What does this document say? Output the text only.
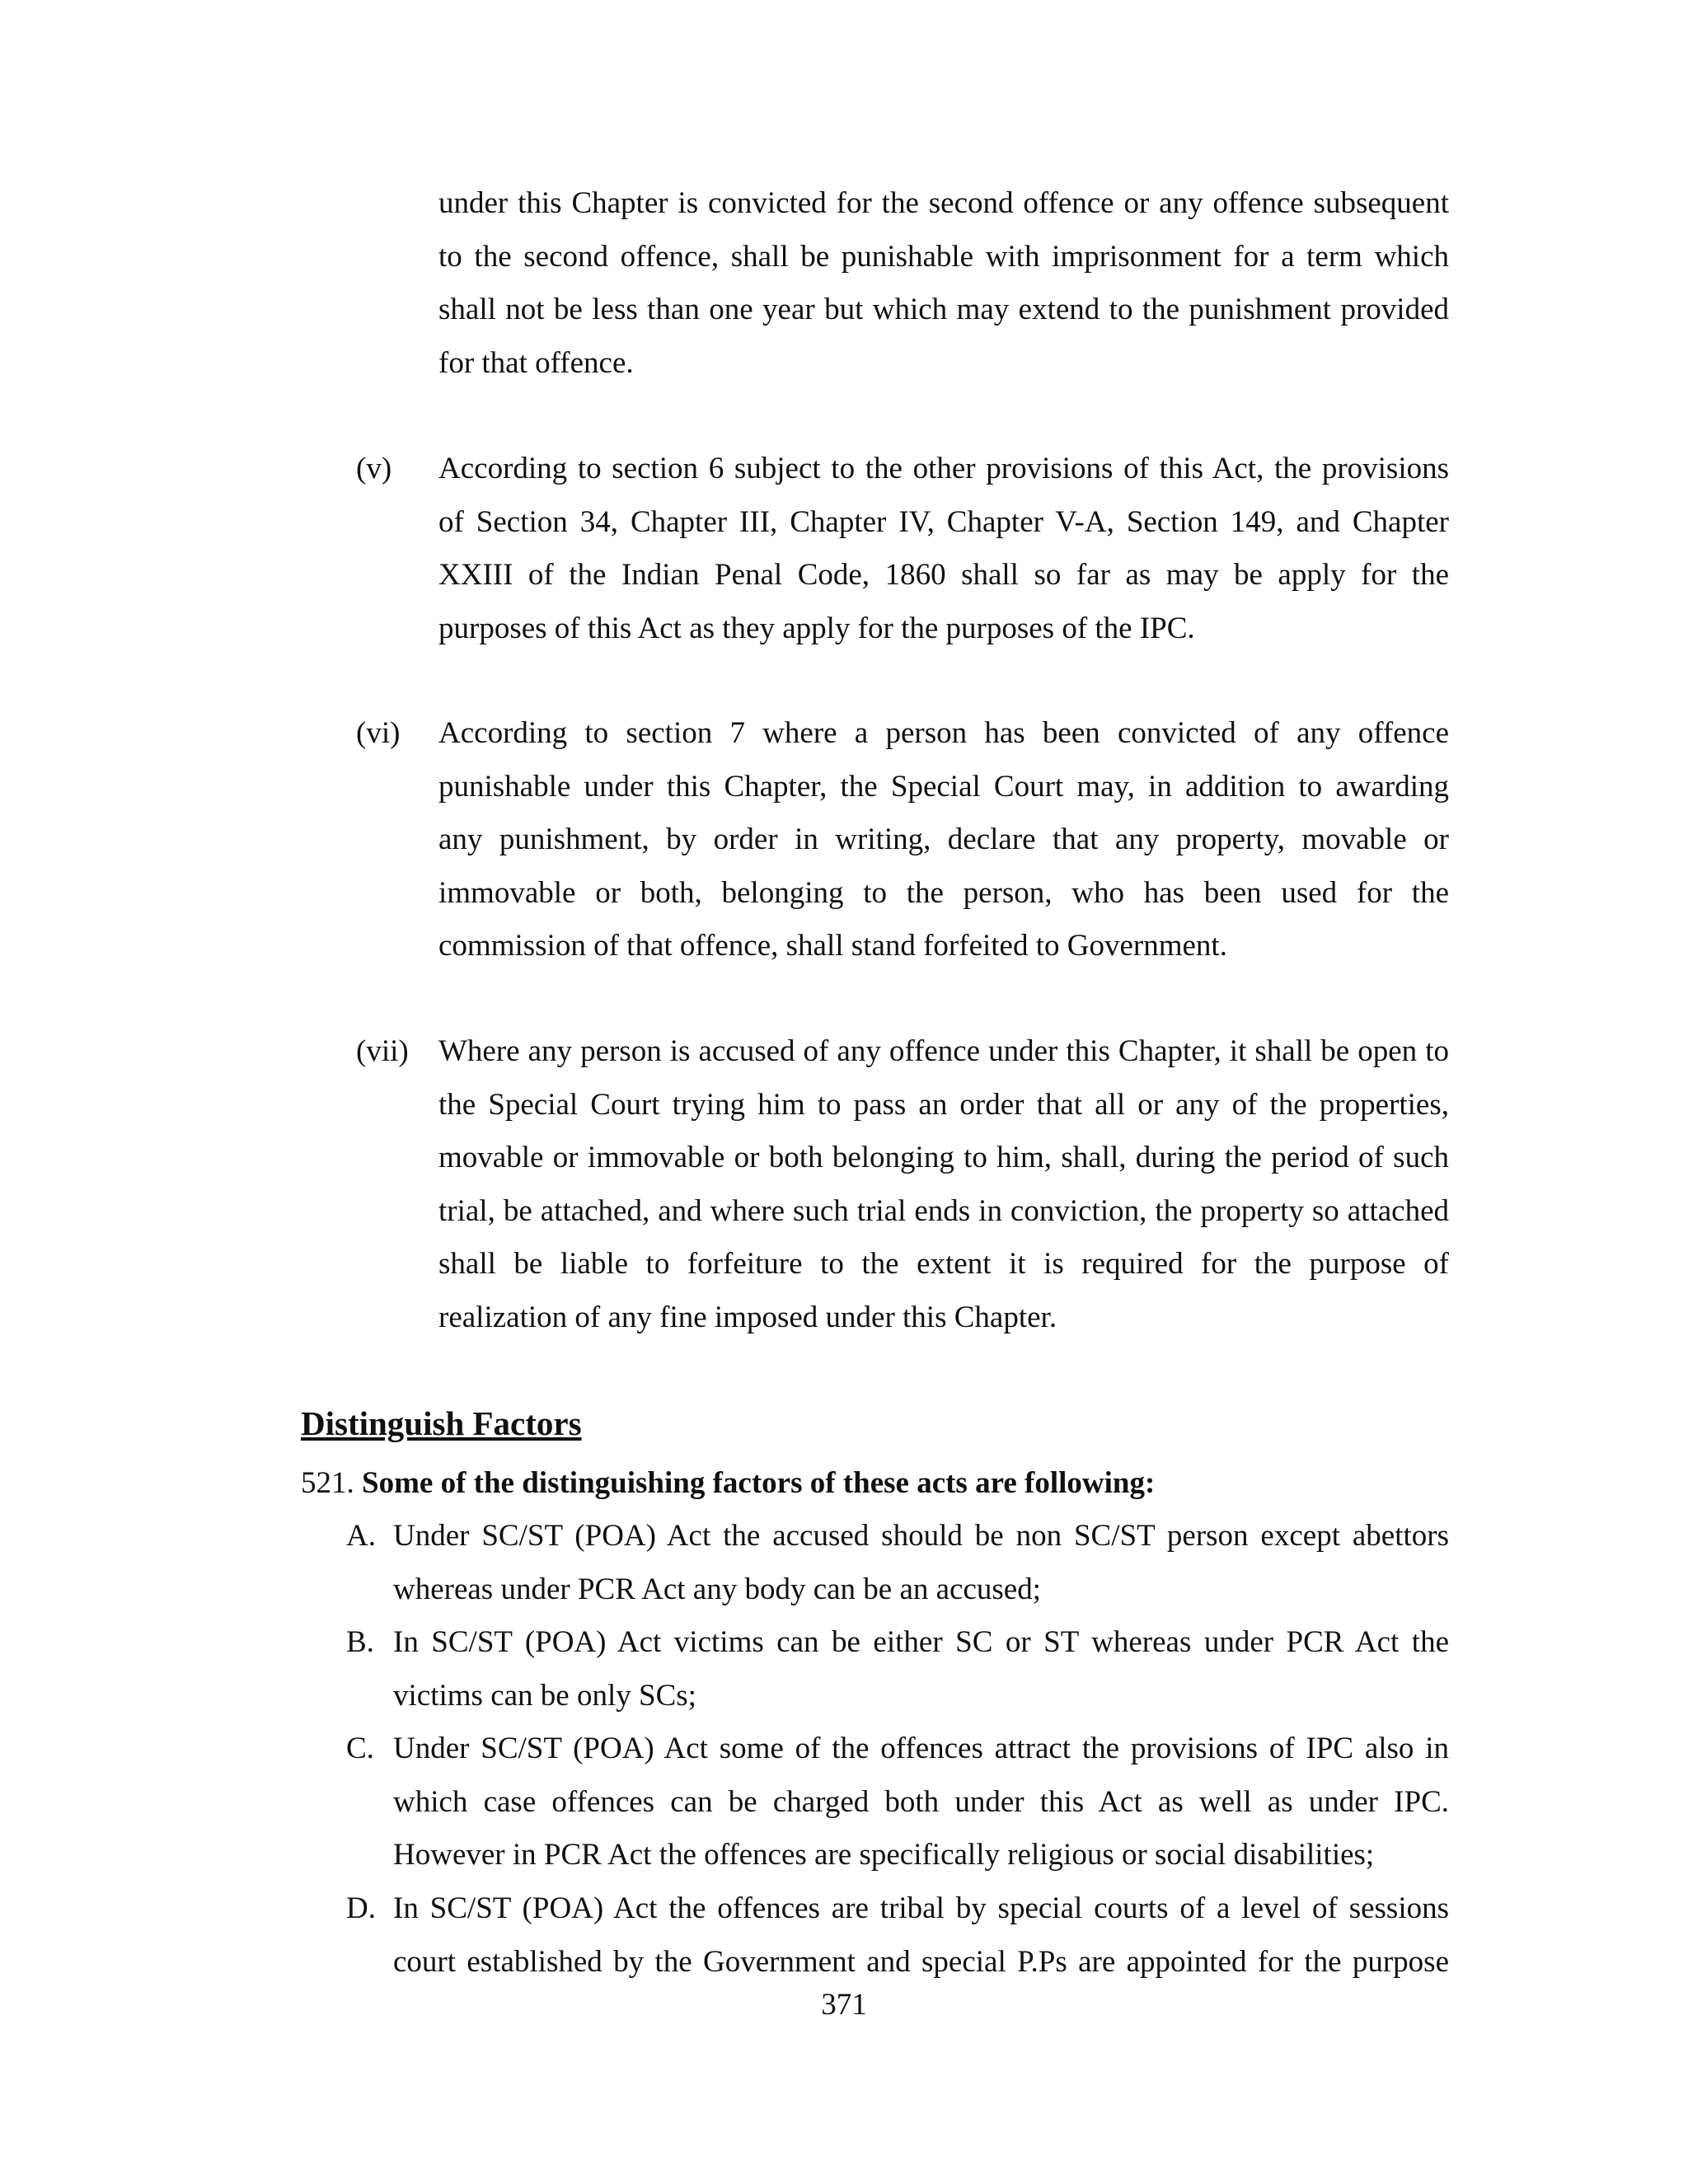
under this Chapter is convicted for the second offence or any offence subsequent
to the second offence, shall be punishable with imprisonment for a term which
shall not be less than one year but which may extend to the punishment provided
for that offence.
(v) According to section 6 subject to the other provisions of this Act, the provisions
of Section 34, Chapter III, Chapter IV, Chapter V-A, Section 149, and Chapter
XXIII of the Indian Penal Code, 1860 shall so far as may be apply for the
purposes of this Act as they apply for the purposes of the IPC.
(vi) According to section 7 where a person has been convicted of any offence
punishable under this Chapter, the Special Court may, in addition to awarding
any punishment, by order in writing, declare that any property, movable or
immovable or both, belonging to the person, who has been used for the
commission of that offence, shall stand forfeited to Government.
(vii) Where any person is accused of any offence under this Chapter, it shall be open to
the Special Court trying him to pass an order that all or any of the properties,
movable or immovable or both belonging to him, shall, during the period of such
trial, be attached, and where such trial ends in conviction, the property so attached
shall be liable to forfeiture to the extent it is required for the purpose of
realization of any fine imposed under this Chapter.
Distinguish Factors
521. Some of the distinguishing factors of these acts are following:
A. Under SC/ST (POA) Act the accused should be non SC/ST person except abettors
whereas under PCR Act any body can be an accused;
B. In SC/ST (POA) Act victims can be either SC or ST whereas under PCR Act the
victims can be only SCs;
C. Under SC/ST (POA) Act some of the offences attract the provisions of IPC also in
which case offences can be charged both under this Act as well as under IPC.
However in PCR Act the offences are specifically religious or social disabilities;
D. In SC/ST (POA) Act the offences are tribal by special courts of a level of sessions
court established by the Government and special P.Ps are appointed for the purpose
371
